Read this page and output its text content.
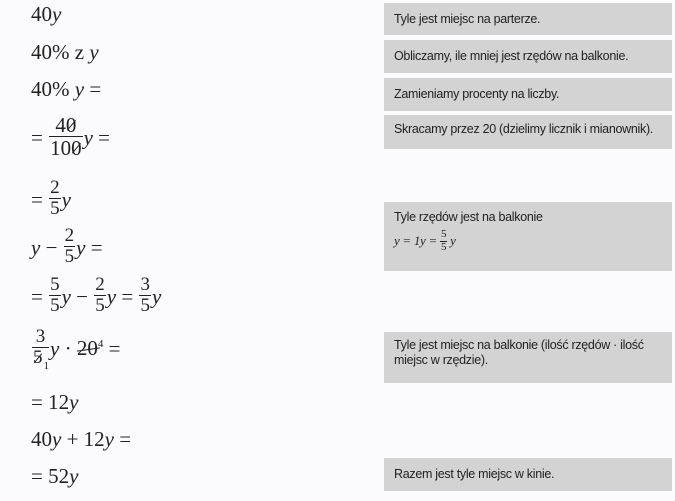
40y
40% z y
40% y =
= $\frac{40}{100}$ y =
= $\frac{2}{5}$ y
$y - \frac{2}{5}$ y =
= $\frac{5}{5}$ $y - \frac{2}{5}$ $y = \frac{3}{5}$ y
$\frac{3}{5_1}$ $y \cdot 20^4$ =
= 12y
40y + 12y =
= 52y
Tyle jest miejsc na parterze.
Obliczamy, ile mniej jest rzędów na balkonie.
Zamieniamy procenty na liczby.
Skracamy przez 20 (dzielimy licznik i mianownik).
Tyle rzędów jest na balkonie
$y = 1y = \frac{5}{5}$ y
Tyle jest miejsc na balkonie (ilość rzędów · ilość miejsc w rzędzie).
Razem jest tyle miejsc w kinie.
